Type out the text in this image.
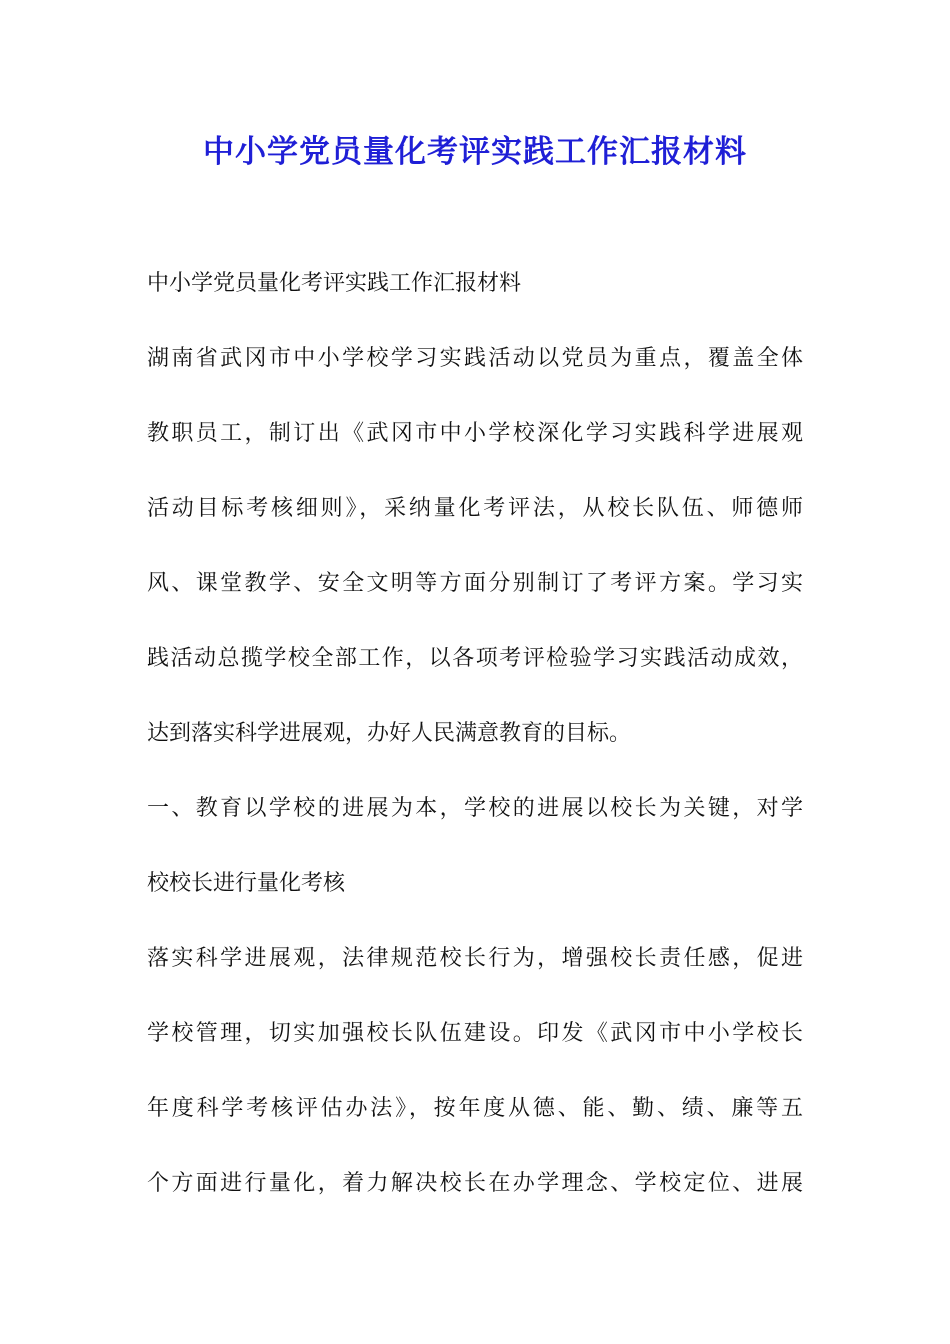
中小学党员量化考评实践工作汇报材料

中小学党员量化考评实践工作汇报材料

湖南省武冈市中小学校学习实践活动以党员为重点，覆盖全体

教职员工，制订出《武冈市中小学校深化学习实践科学进展观

活动目标考核细则》，采纳量化考评法，从校长队伍、师德师

风、课堂教学、安全文明等方面分别制订了考评方案。学习实

践活动总揽学校全部工作，以各项考评检验学习实践活动成效，

达到落实科学进展观，办好人民满意教育的目标。

一、教育以学校的进展为本，学校的进展以校长为关键，对学

校校长进行量化考核

落实科学进展观，法律规范校长行为，增强校长责任感，促进

学校管理，切实加强校长队伍建设。印发《武冈市中小学校长

年度科学考核评估办法》，按年度从德、能、勤、绩、廉等五

个方面进行量化，着力解决校长在办学理念、学校定位、进展
